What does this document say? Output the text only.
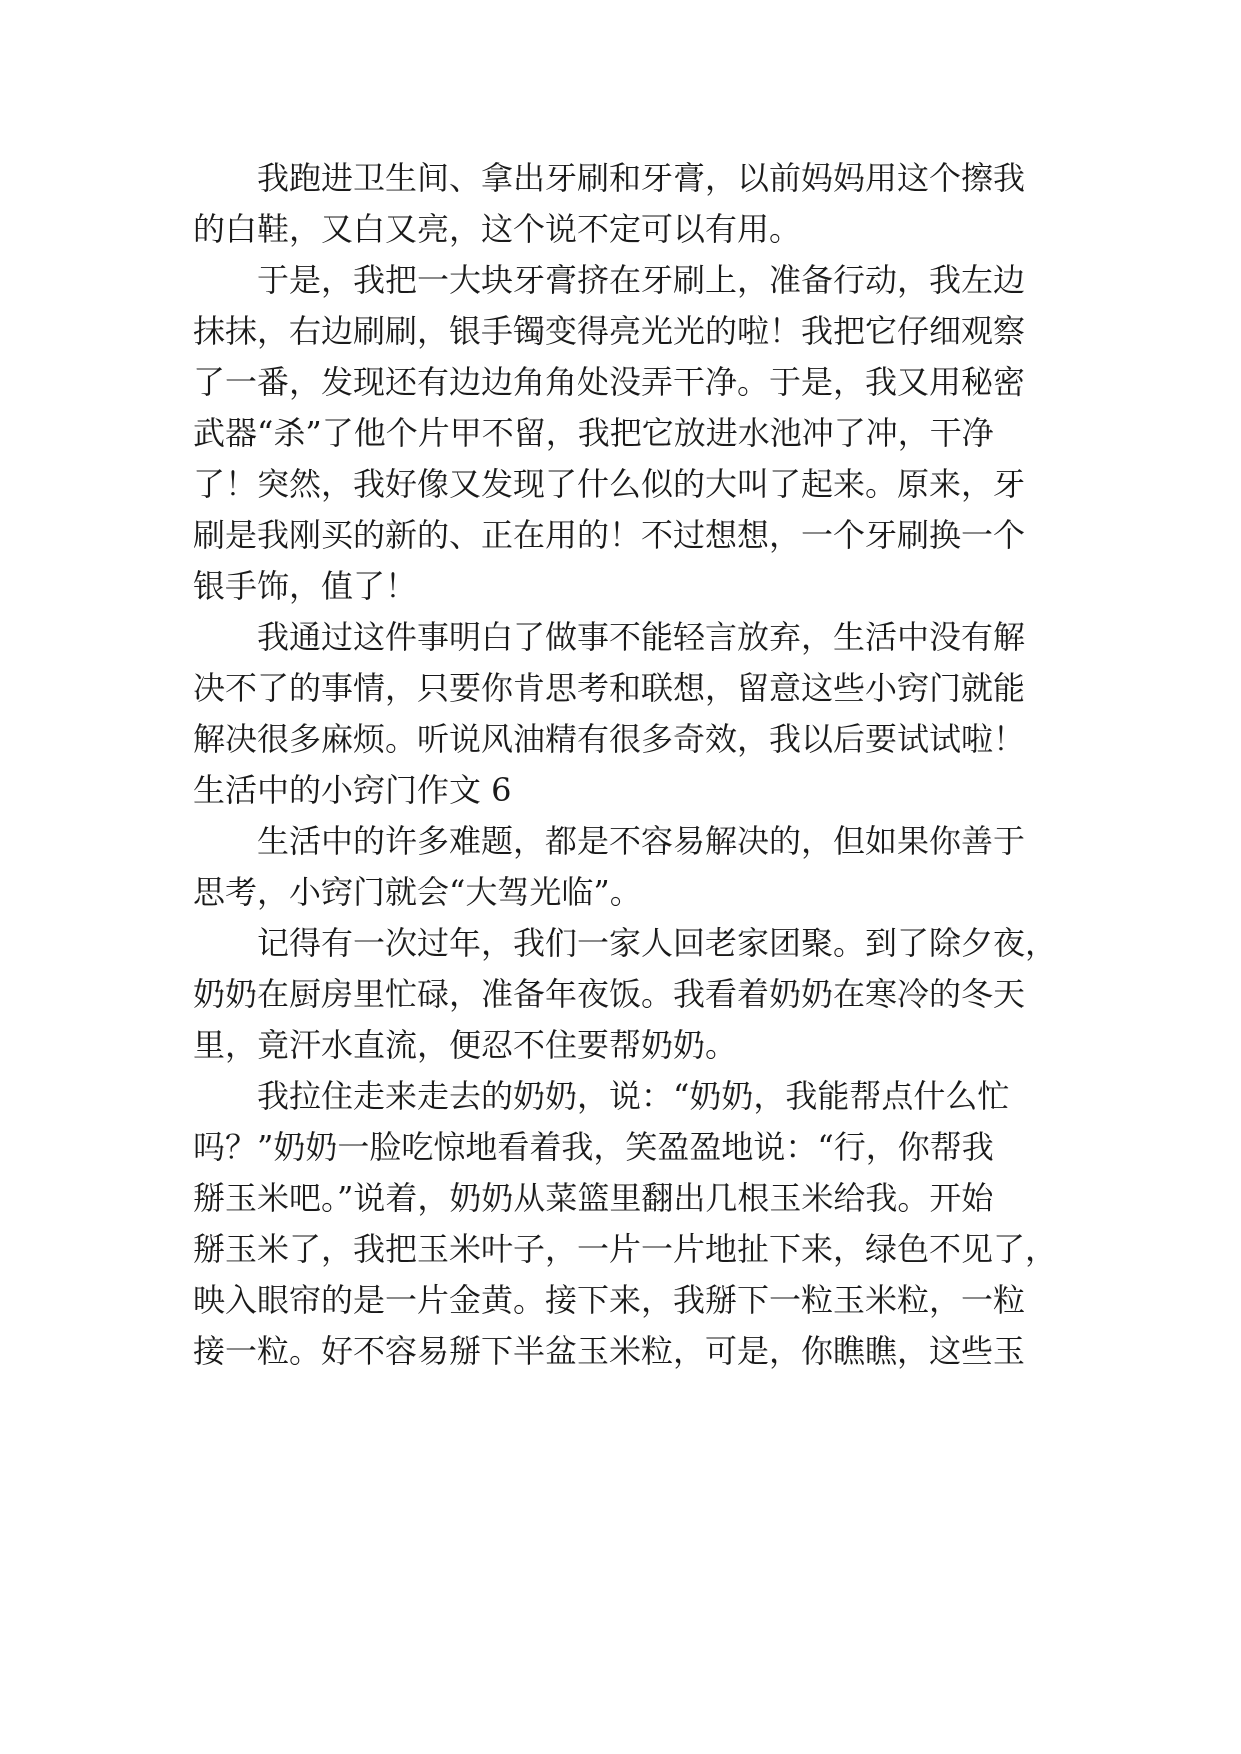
我跑进卫生间、拿出牙刷和牙膏，以前妈妈用这个擦我
的白鞋，又白又亮，这个说不定可以有用。
于是，我把一大块牙膏挤在牙刷上，准备行动，我左边
抹抹，右边刷刷，银手镯变得亮光光的啦！我把它仔细观察
了一番，发现还有边边角角处没弄干净。于是，我又用秘密
武器“杀”了他个片甲不留，我把它放进水池冲了冲，干净
了！突然，我好像又发现了什么似的大叫了起来。原来，牙
刷是我刚买的新的、正在用的！不过想想，一个牙刷换一个
银手饰，值了！
我通过这件事明白了做事不能轻言放弃，生活中没有解
决不了的事情，只要你肯思考和联想，留意这些小窍门就能
解决很多麻烦。听说风油精有很多奇效，我以后要试试啦！
生活中的小窍门作文 6
生活中的许多难题，都是不容易解决的，但如果你善于
思考，小窍门就会“大驾光临”。
记得有一次过年，我们一家人回老家团聚。到了除夕夜，
奶奶在厨房里忙碌，准备年夜饭。我看着奶奶在寒冷的冬天
里，竟汗水直流，便忍不住要帮奶奶。
我拉住走来走去的奶奶，说：“奶奶，我能帮点什么忙
吗？”奶奶一脸吃惊地看着我，笑盈盈地说：“行，你帮我
掰玉米吧。”说着，奶奶从菜篮里翻出几根玉米给我。开始
掰玉米了，我把玉米叶子，一片一片地扯下来，绿色不见了，
映入眼帘的是一片金黄。接下来，我掰下一粒玉米粒，一粒
接一粒。好不容易掰下半盆玉米粒，可是，你瞧瞧，这些玉
